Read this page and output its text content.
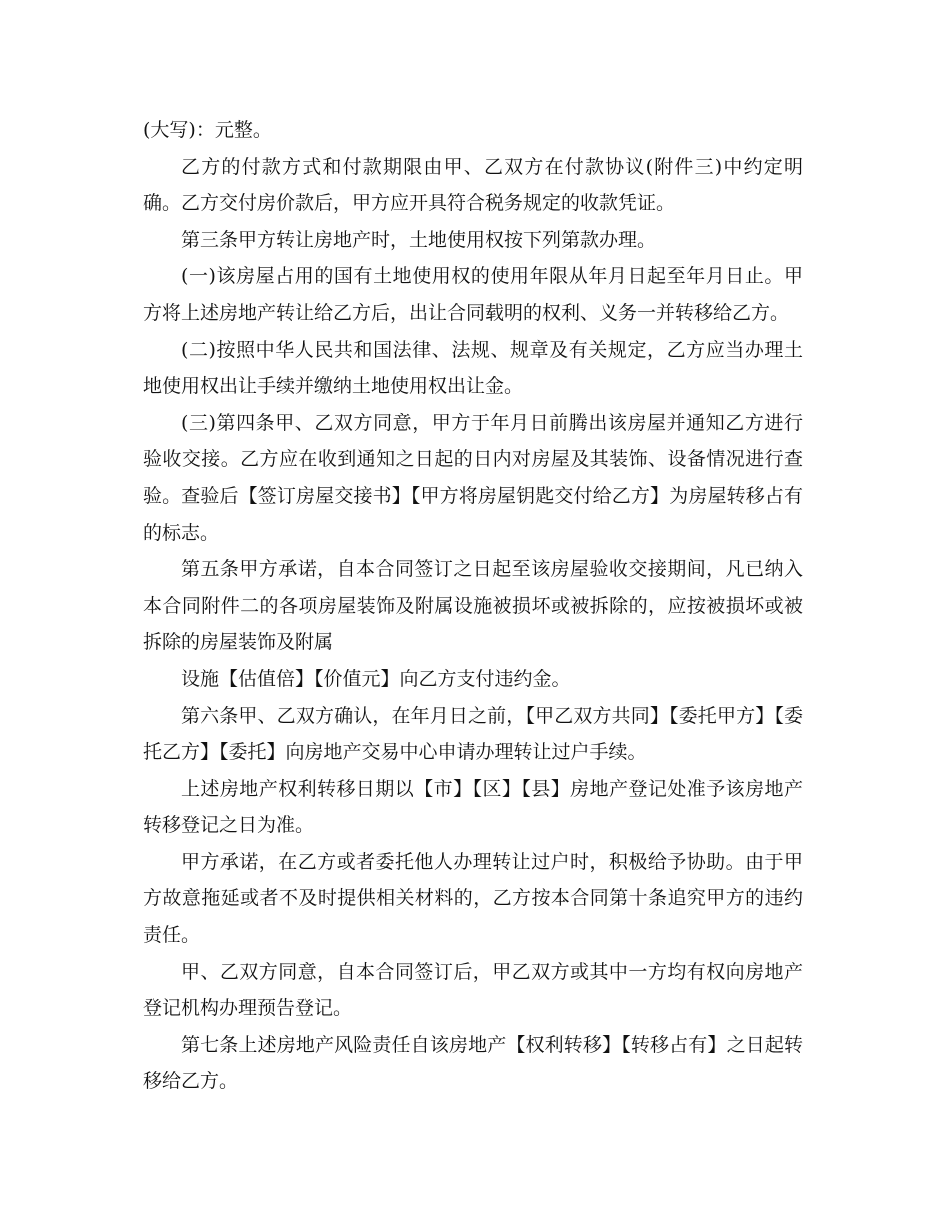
(大写)：元整。

乙方的付款方式和付款期限由甲、乙双方在付款协议(附件三)中约定明确。乙方交付房价款后，甲方应开具符合税务规定的收款凭证。

第三条甲方转让房地产时，土地使用权按下列第款办理。

(一)该房屋占用的国有土地使用权的使用年限从年月日起至年月日止。甲方将上述房地产转让给乙方后，出让合同载明的权利、义务一并转移给乙方。

(二)按照中华人民共和国法律、法规、规章及有关规定，乙方应当办理土地使用权出让手续并缴纳土地使用权出让金。

(三)第四条甲、乙双方同意，甲方于年月日前腾出该房屋并通知乙方进行验收交接。乙方应在收到通知之日起的日内对房屋及其装饰、设备情况进行查验。查验后【签订房屋交接书】【甲方将房屋钥匙交付给乙方】为房屋转移占有的标志。

第五条甲方承诺，自本合同签订之日起至该房屋验收交接期间，凡已纳入本合同附件二的各项房屋装饰及附属设施被损坏或被拆除的，应按被损坏或被拆除的房屋装饰及附属

设施【估值倍】【价值元】向乙方支付违约金。

第六条甲、乙双方确认，在年月日之前，【甲乙双方共同】【委托甲方】【委托乙方】【委托】向房地产交易中心申请办理转让过户手续。

上述房地产权利转移日期以【市】【区】【县】房地产登记处准予该房地产转移登记之日为准。

甲方承诺，在乙方或者委托他人办理转让过户时，积极给予协助。由于甲方故意拖延或者不及时提供相关材料的，乙方按本合同第十条追究甲方的违约责任。

甲、乙双方同意，自本合同签订后，甲乙双方或其中一方均有权向房地产登记机构办理预告登记。

第七条上述房地产风险责任自该房地产【权利转移】【转移占有】之日起转移给乙方。
